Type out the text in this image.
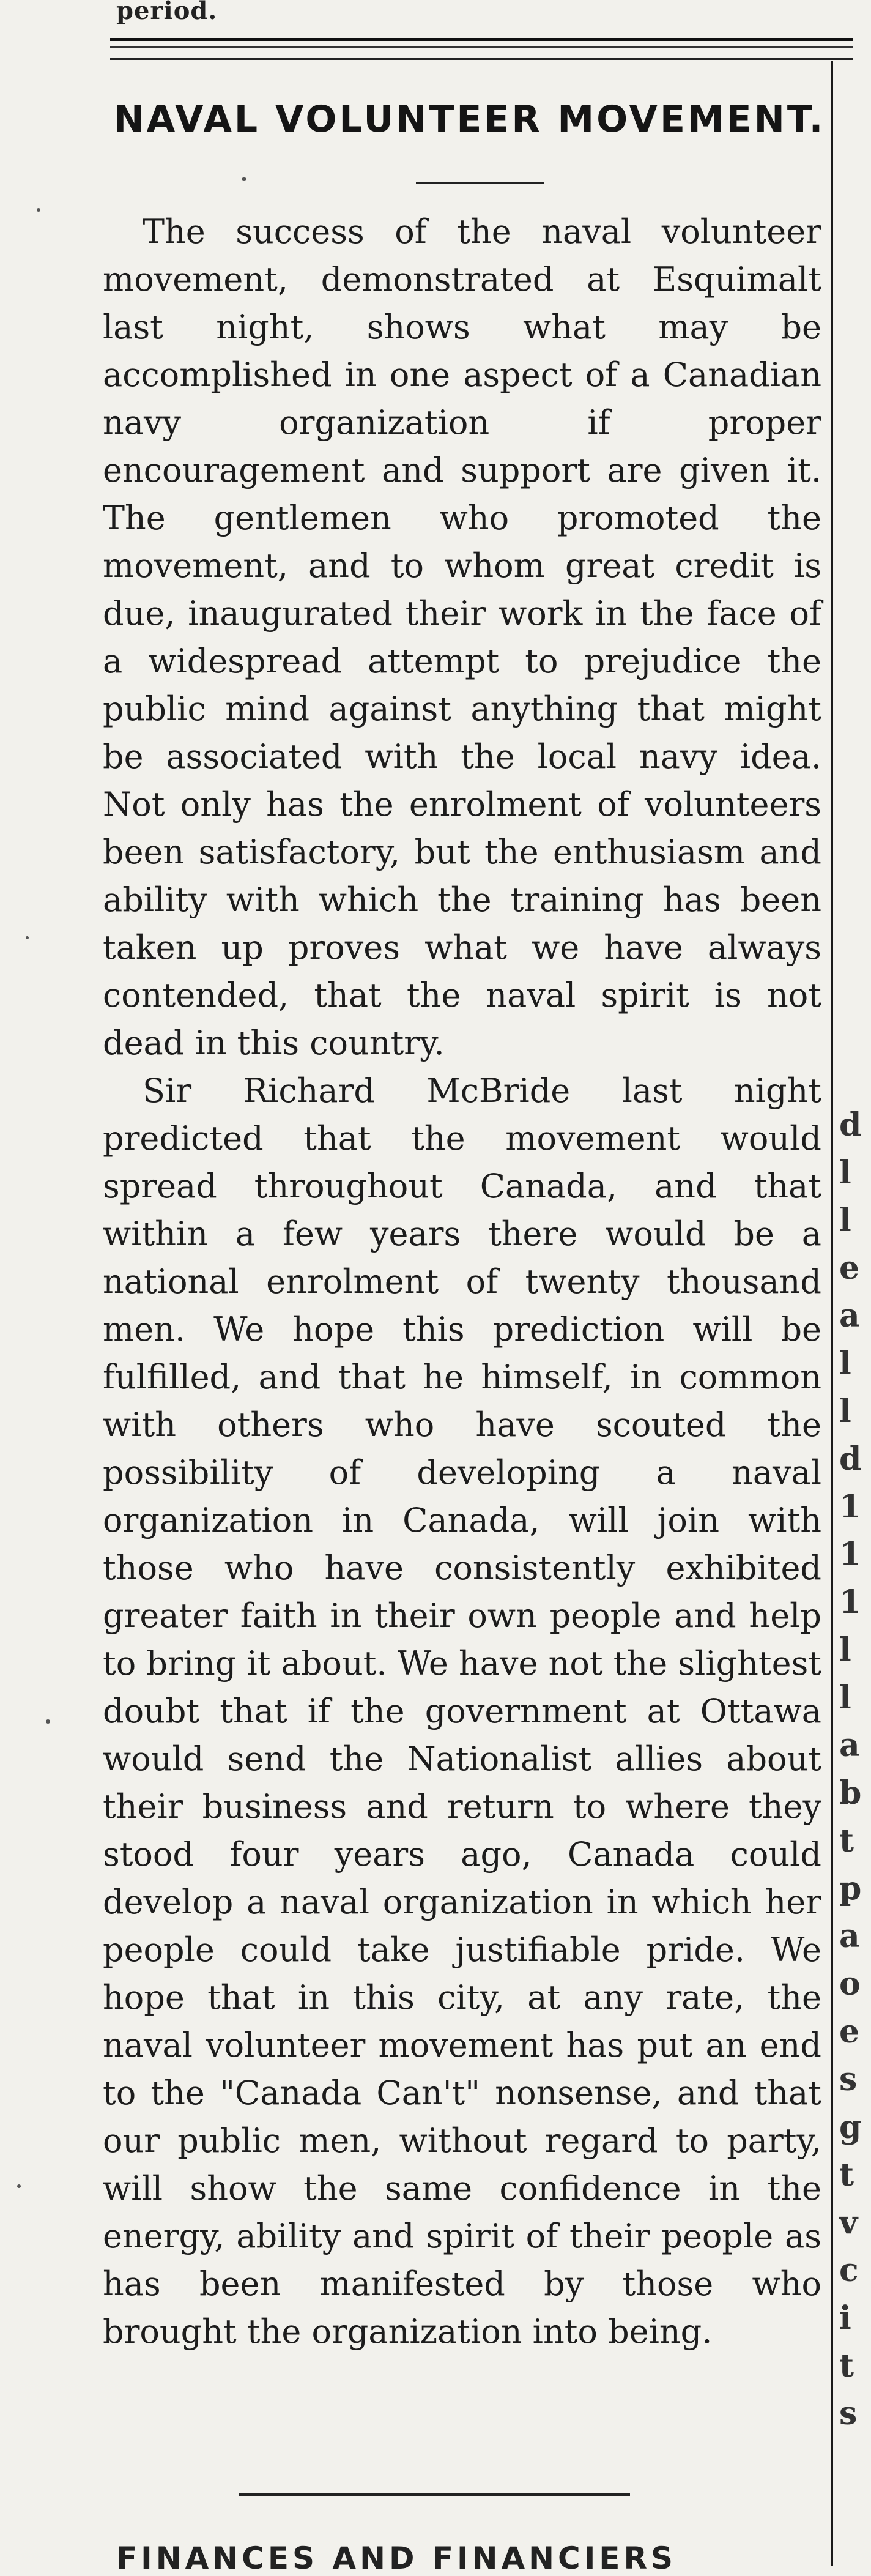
period.
NAVAL VOLUNTEER MOVEMENT.

The success of the naval volunteer movement, demonstrated at Esquimalt last night, shows what may be accomplished in one aspect of a Canadian navy organization if proper encouragement and support are given it. The gentlemen who promoted the movement, and to whom great credit is due, inaugurated their work in the face of a widespread attempt to prejudice the public mind against anything that might be associated with the local navy idea. Not only has the enrolment of volunteers been satisfactory, but the enthusiasm and ability with which the training has been taken up proves what we have always contended, that the naval spirit is not dead in this country.

Sir Richard McBride last night predicted that the movement would spread throughout Canada, and that within a few years there would be a national enrolment of twenty thousand men. We hope this prediction will be fulfilled, and that he himself, in common with others who have scouted the possibility of developing a naval organization in Canada, will join with those who have consistently exhibited greater faith in their own people and help to bring it about. We have not the slightest doubt that if the government at Ottawa would send the Nationalist allies about their business and return to where they stood four years ago, Canada could develop a naval organization in which her people could take justifiable pride. We hope that in this city, at any rate, the naval volunteer movement has put an end to the "Canada Can't" nonsense, and that our public men, without regard to party, will show the same confidence in the energy, ability and spirit of their people as has been manifested by those who brought the organization into being.

FINANCES AND FINANCIERS
d
l
l
e
a
l
l
d
1
1
1
l
l
a
b
t
p
a
o
e
s
g
t
v
c
i
t
s
